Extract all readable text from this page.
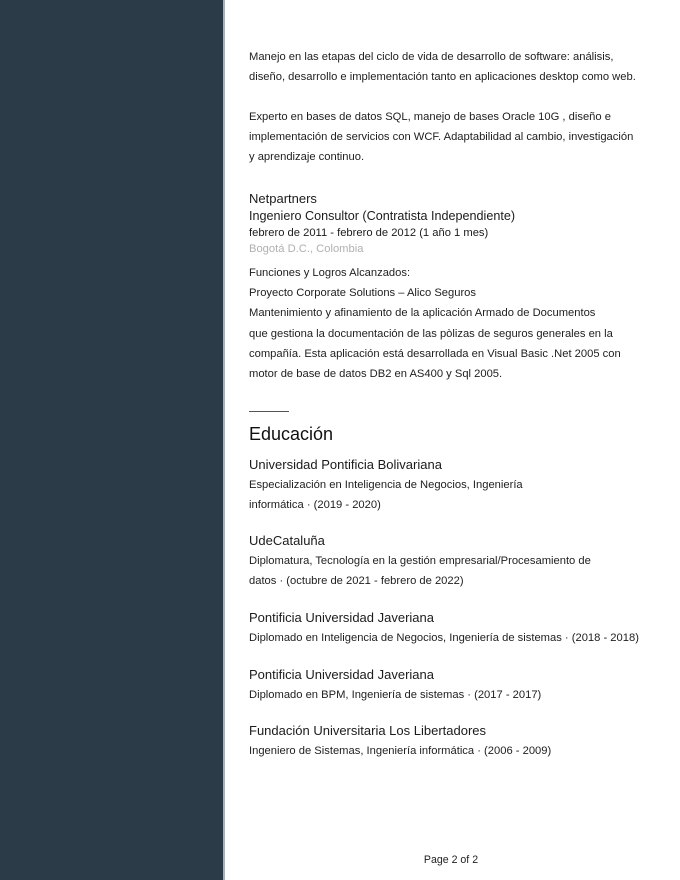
Manejo en las etapas del ciclo de vida de desarrollo de software: análisis,
diseño, desarrollo e implementación tanto en aplicaciones desktop como web.
Experto en bases de datos SQL, manejo de bases Oracle 10G , diseño e
implementación de servicios con WCF. Adaptabilidad al cambio, investigación
y aprendizaje continuo.
Netpartners
Ingeniero Consultor (Contratista Independiente)
febrero de 2011 - febrero de 2012 (1 año 1 mes)
Bogotá D.C., Colombia
Funciones y Logros Alcanzados:
Proyecto Corporate Solutions – Alico Seguros
Mantenimiento y afinamiento de la aplicación Armado de Documentos
que gestiona la documentación de las pòlizas de seguros generales en la
compañía. Esta aplicación está desarrollada en Visual Basic .Net 2005 con
motor de base de datos DB2 en AS400 y Sql 2005.
Educación
Universidad Pontificia Bolivariana
Especialización en Inteligencia de Negocios, Ingeniería
informática · (2019 - 2020)
UdeCataluña
Diplomatura, Tecnología en la gestión empresarial/Procesamiento de
datos · (octubre de 2021 - febrero de 2022)
Pontificia Universidad Javeriana
Diplomado en Inteligencia de Negocios, Ingeniería de sistemas · (2018 - 2018)
Pontificia Universidad Javeriana
Diplomado en BPM, Ingeniería de sistemas · (2017 - 2017)
Fundación Universitaria Los Libertadores
Ingeniero de Sistemas, Ingeniería informática · (2006 - 2009)
Page 2 of 2
